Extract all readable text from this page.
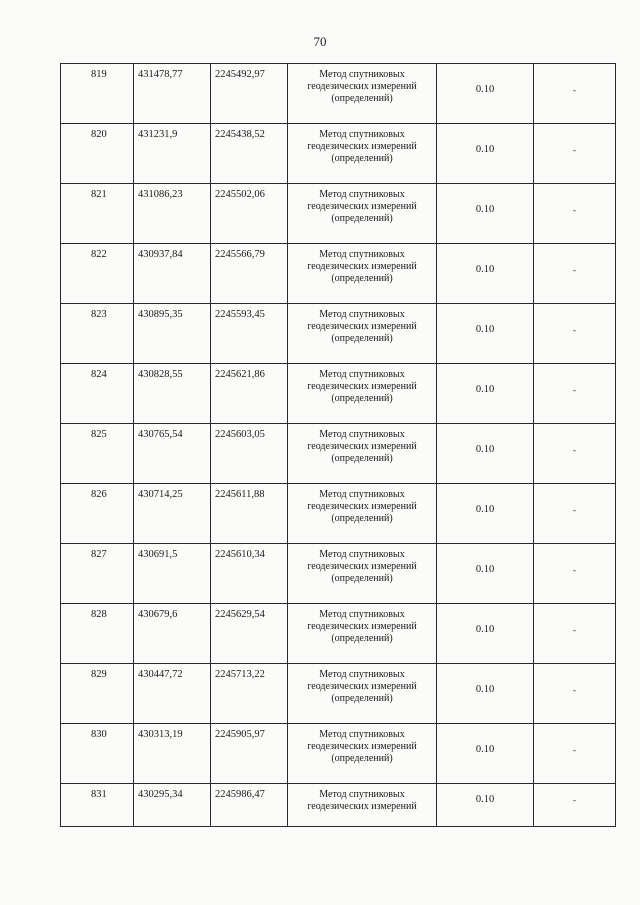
70
819	431478,77	2245492,97	Метод спутниковых
геодезических измерений
(определений)	0.10	-

820	431231,9	2245438,52	Метод спутниковых
геодезических измерений
(определений)	0.10	-

821	431086,23	2245502,06	Метод спутниковых
геодезических измерений
(определений)	0.10	-

822	430937,84	2245566,79	Метод спутниковых
геодезических измерений
(определений)	0.10	-

823	430895,35	2245593,45	Метод спутниковых
геодезических измерений
(определений)	0.10	-

824	430828,55	2245621,86	Метод спутниковых
геодезических измерений
(определений)	0.10	-

825	430765,54	2245603,05	Метод спутниковых
геодезических измерений
(определений)	0.10	-

826	430714,25	2245611,88	Метод спутниковых
геодезических измерений
(определений)	0.10	-

827	430691,5	2245610,34	Метод спутниковых
геодезических измерений
(определений)	0.10	-

828	430679,6	2245629,54	Метод спутниковых
геодезических измерений
(определений)	0.10	-

829	430447,72	2245713,22	Метод спутниковых
геодезических измерений
(определений)	0.10	-

830	430313,19	2245905,97	Метод спутниковых
геодезических измерений
(определений)	0.10	-

831	430295,34	2245986,47	Метод спутниковых
геодезических измерений	0.10	-
